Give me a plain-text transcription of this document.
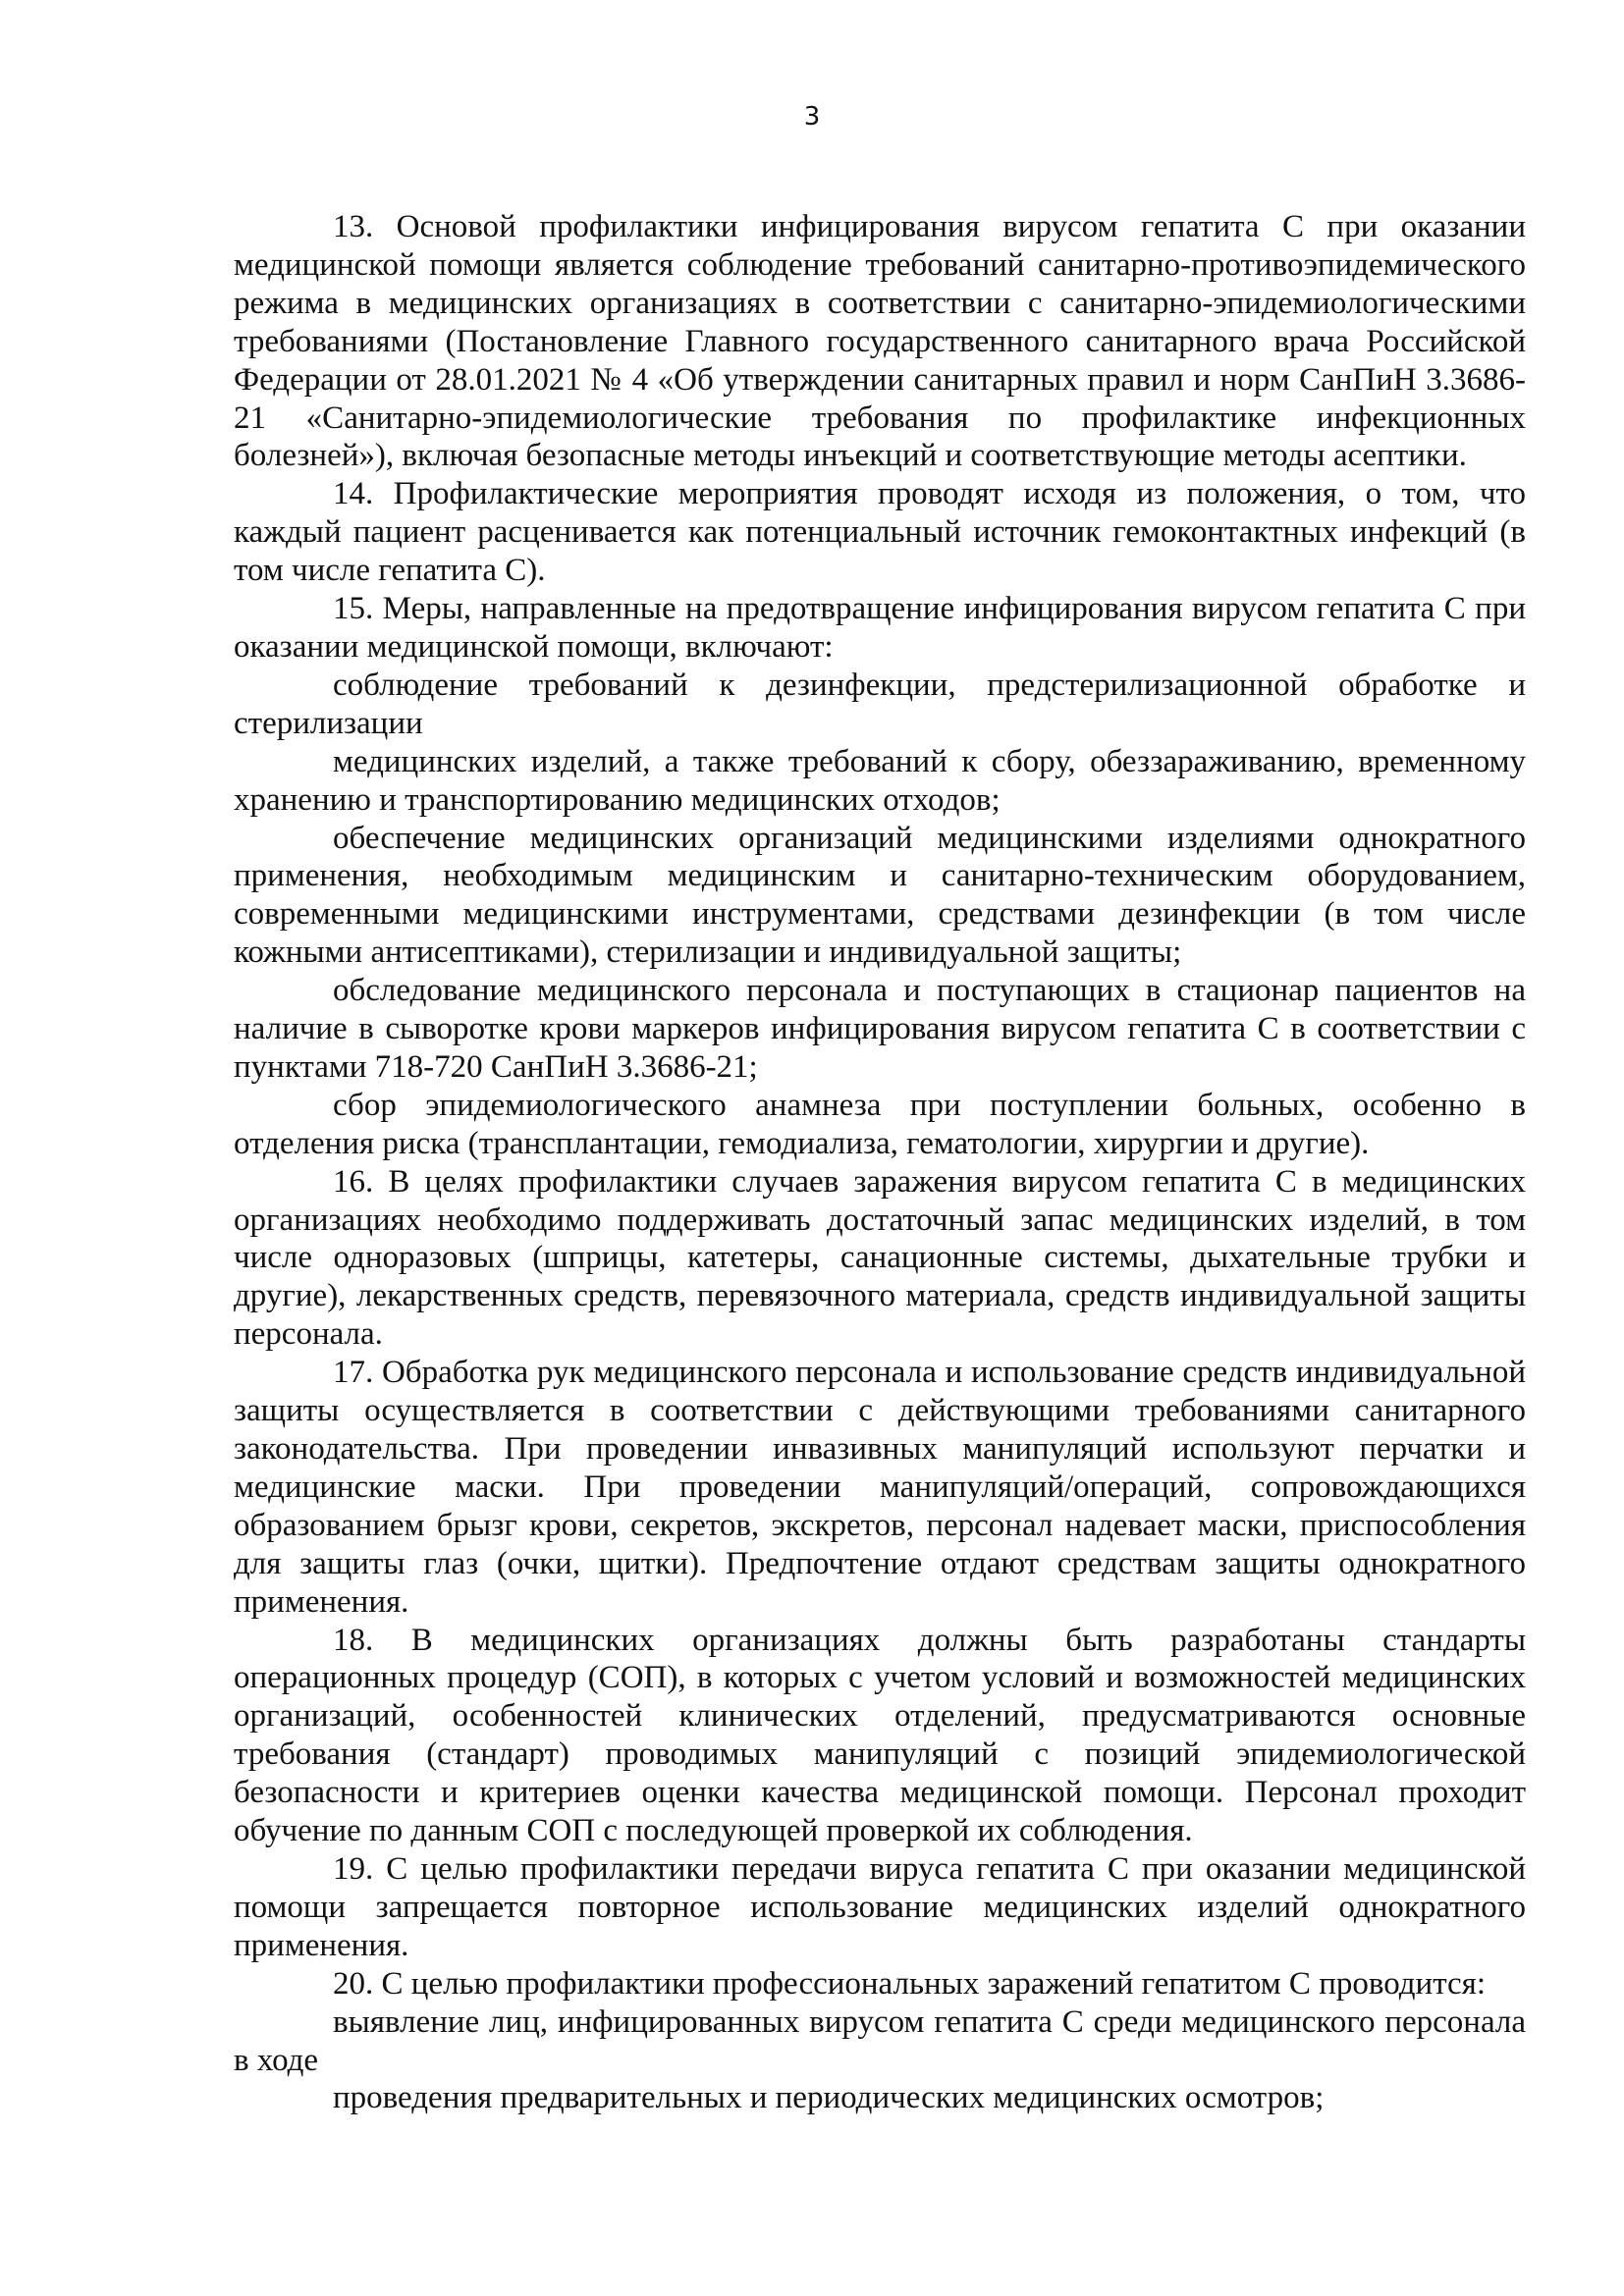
3

13. Основой профилактики инфицирования вирусом гепатита С при оказании медицинской помощи является соблюдение требований санитарно-противоэпидемического режима в медицинских организациях в соответствии с санитарно-эпидемиологическими требованиями (Постановление Главного государственного санитарного врача Российской Федерации от 28.01.2021 № 4 «Об утверждении санитарных правил и норм СанПиН 3.3686-21 «Санитарно-эпидемиологические требования по профилактике инфекционных болезней»), включая безопасные методы инъекций и соответствующие методы асептики.

14. Профилактические мероприятия проводят исходя из положения, о том, что каждый пациент расценивается как потенциальный источник гемоконтактных инфекций (в том числе гепатита С).

15. Меры, направленные на предотвращение инфицирования вирусом гепатита С при оказании медицинской помощи, включают:

соблюдение требований к дезинфекции, предстерилизационной обработке и стерилизации

медицинских изделий, а также требований к сбору, обеззараживанию, временному хранению и транспортированию медицинских отходов;

обеспечение медицинских организаций медицинскими изделиями однократного применения, необходимым медицинским и санитарно-техническим оборудованием, современными медицинскими инструментами, средствами дезинфекции (в том числе кожными антисептиками), стерилизации и индивидуальной защиты;

обследование медицинского персонала и поступающих в стационар пациентов на наличие в сыворотке крови маркеров инфицирования вирусом гепатита С в соответствии с пунктами 718-720 СанПиН 3.3686-21;

сбор эпидемиологического анамнеза при поступлении больных, особенно в отделения риска (трансплантации, гемодиализа, гематологии, хирургии и другие).

16. В целях профилактики случаев заражения вирусом гепатита С в медицинских организациях необходимо поддерживать достаточный запас медицинских изделий, в том числе одноразовых (шприцы, катетеры, санационные системы, дыхательные трубки и другие), лекарственных средств, перевязочного материала, средств индивидуальной защиты персонала.

17. Обработка рук медицинского персонала и использование средств индивидуальной защиты осуществляется в соответствии с действующими требованиями санитарного законодательства. При проведении инвазивных манипуляций используют перчатки и медицинские маски. При проведении манипуляций/операций, сопровождающихся образованием брызг крови, секретов, экскретов, персонал надевает маски, приспособления для защиты глаз (очки, щитки). Предпочтение отдают средствам защиты однократного применения.

18. В медицинских организациях должны быть разработаны стандарты операционных процедур (СОП), в которых с учетом условий и возможностей медицинских организаций, особенностей клинических отделений, предусматриваются основные требования (стандарт) проводимых манипуляций с позиций эпидемиологической безопасности и критериев оценки качества медицинской помощи. Персонал проходит обучение по данным СОП с последующей проверкой их соблюдения.

19. С целью профилактики передачи вируса гепатита С при оказании медицинской помощи запрещается повторное использование медицинских изделий однократного применения.

20. С целью профилактики профессиональных заражений гепатитом С проводится:

выявление лиц, инфицированных вирусом гепатита С среди медицинского персонала в ходе

проведения предварительных и периодических медицинских осмотров;
